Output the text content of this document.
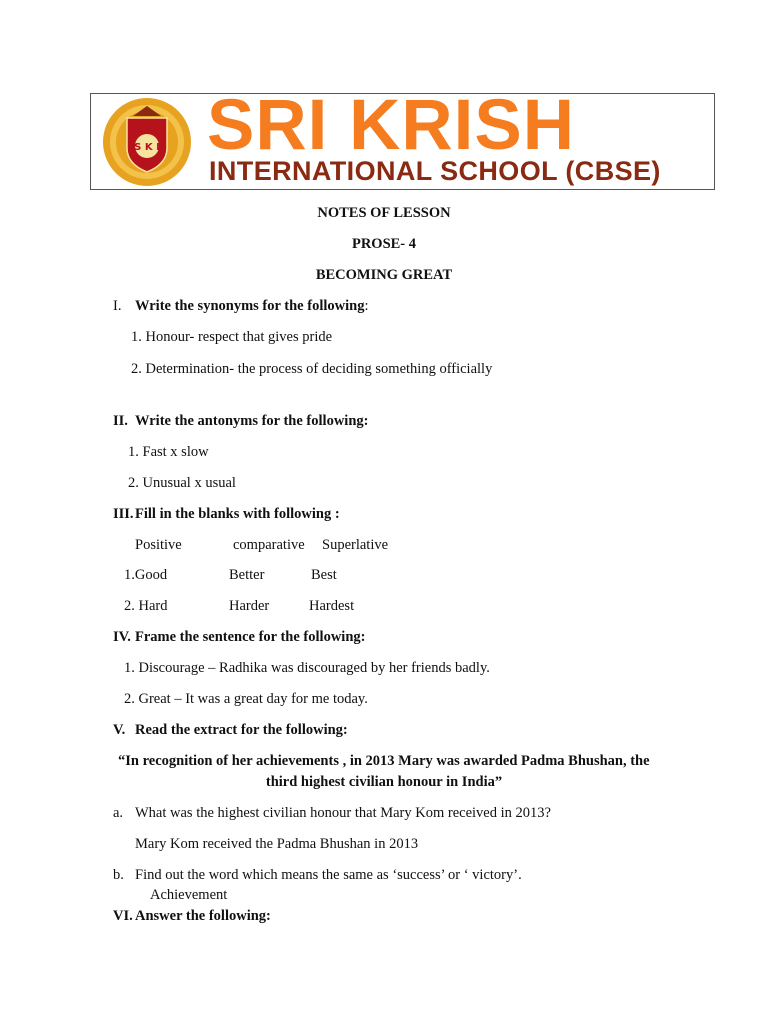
S K I SRI KRISH
INTERNATIONAL SCHOOL (CBSE)
NOTES OF LESSON
PROSE- 4
BECOMING GREAT
I. Write the synonyms for the following:
1. Honour- respect that gives pride
2. Determination- the process of deciding something officially
II. Write the antonyms for the following:
1. Fast x slow
2. Unusual x usual
III. Fill in the blanks with following :
Positive	comparative Superlative
1.Good	Better	Best
2. Hard	Harder	Hardest
IV. Frame the sentence for the following:
1. Discourage – Radhika was discouraged by her friends badly.
2. Great – It was a great day for me today.
V. Read the extract for the following:
“In recognition of her achievements , in 2013 Mary was awarded Padma Bhushan, the
third highest civilian honour in India”
a. What was the highest civilian honour that Mary Kom received in 2013?
Mary Kom received the Padma Bhushan in 2013
b. Find out the word which means the same as ‘success’ or ‘ victory’.
Achievement
VI. Answer the following:
